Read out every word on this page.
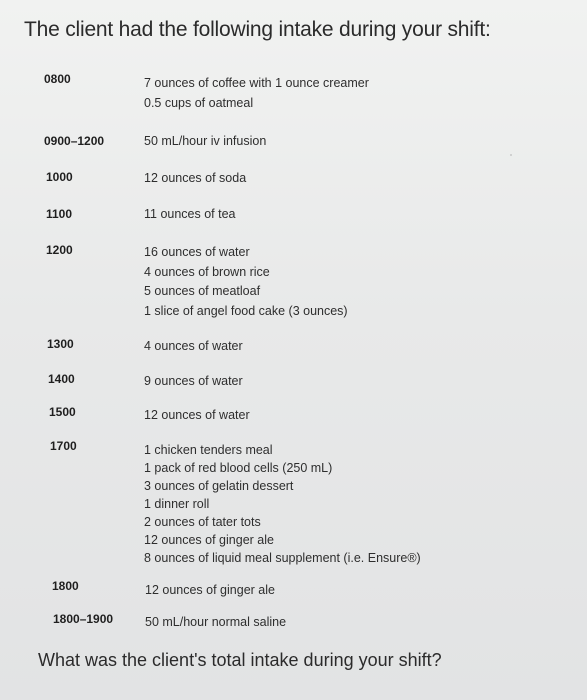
The client had the following intake during your shift:
0800	7 ounces of coffee with 1 ounce creamer
0.5 cups of oatmeal
0900–1200	50 mL/hour iv infusion
1000	12 ounces of soda
1100	11 ounces of tea
1200	16 ounces of water
4 ounces of brown rice
5 ounces of meatloaf
1 slice of angel food cake (3 ounces)
1300	4 ounces of water
1400	9 ounces of water
1500	12 ounces of water
1700	1 chicken tenders meal
1 pack of red blood cells (250 mL)
3 ounces of gelatin dessert
1 dinner roll
2 ounces of tater tots
12 ounces of ginger ale
8 ounces of liquid meal supplement (i.e. Ensure®)
1800	12 ounces of ginger ale
1800–1900	50 mL/hour normal saline
What was the client's total intake during your shift?
